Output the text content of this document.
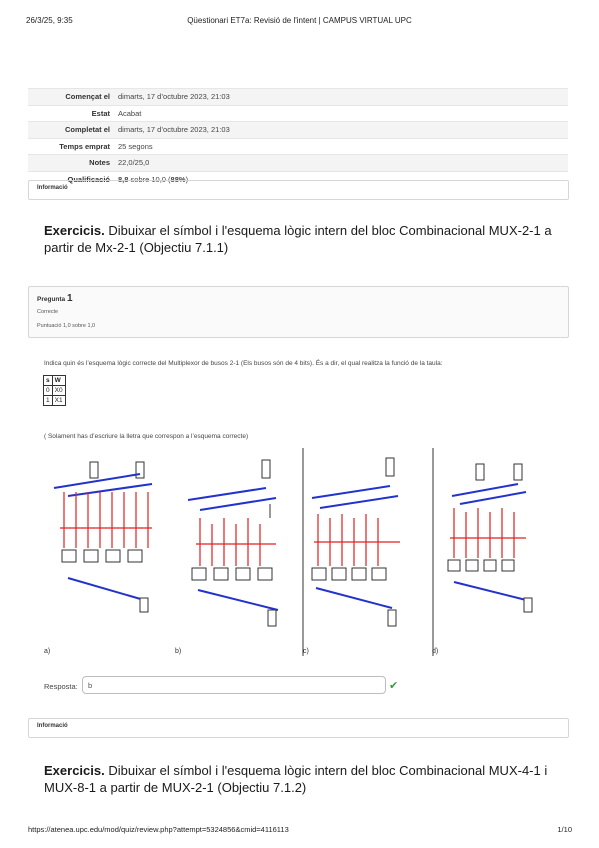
26/3/25, 9:35	Qüestionari ET7a: Revisió de l'intent | CAMPUS VIRTUAL UPC
Començat el	dimarts, 17 d’octubre 2023, 21:03
Estat	Acabat
Completat el	dimarts, 17 d’octubre 2023, 21:03
Temps emprat	25 segons
Notes	22,0/25,0
Qualificació	8,8 sobre 10,0 (88%)
Informació
Exercicis. Dibuixar el símbol i l'esquema lògic intern del bloc Combinacional MUX-2-1 a partir de Mx-2-1 (Objectiu 7.1.1)
Pregunta 1
Correcte
Puntuació 1,0 sobre 1,0
Indica quin és l’esquema lògic correcte del Multiplexor de busos 2-1 (Els busos són de 4 bits). És a dir, el qual realitza la funció de la taula:
s	W
0	X0
1	X1
( Solament has d’escriure la lletra que correspon a l’esquema correcte)
a)	b)	c)	d)
Resposta:
b	✔
Informació
Exercicis. Dibuixar el símbol i l'esquema lògic intern del bloc Combinacional MUX-4-1 i MUX-8-1 a partir de MUX-2-1 (Objectiu 7.1.2)
https://atenea.upc.edu/mod/quiz/review.php?attempt=5324856&cmid=4116113	1/10
